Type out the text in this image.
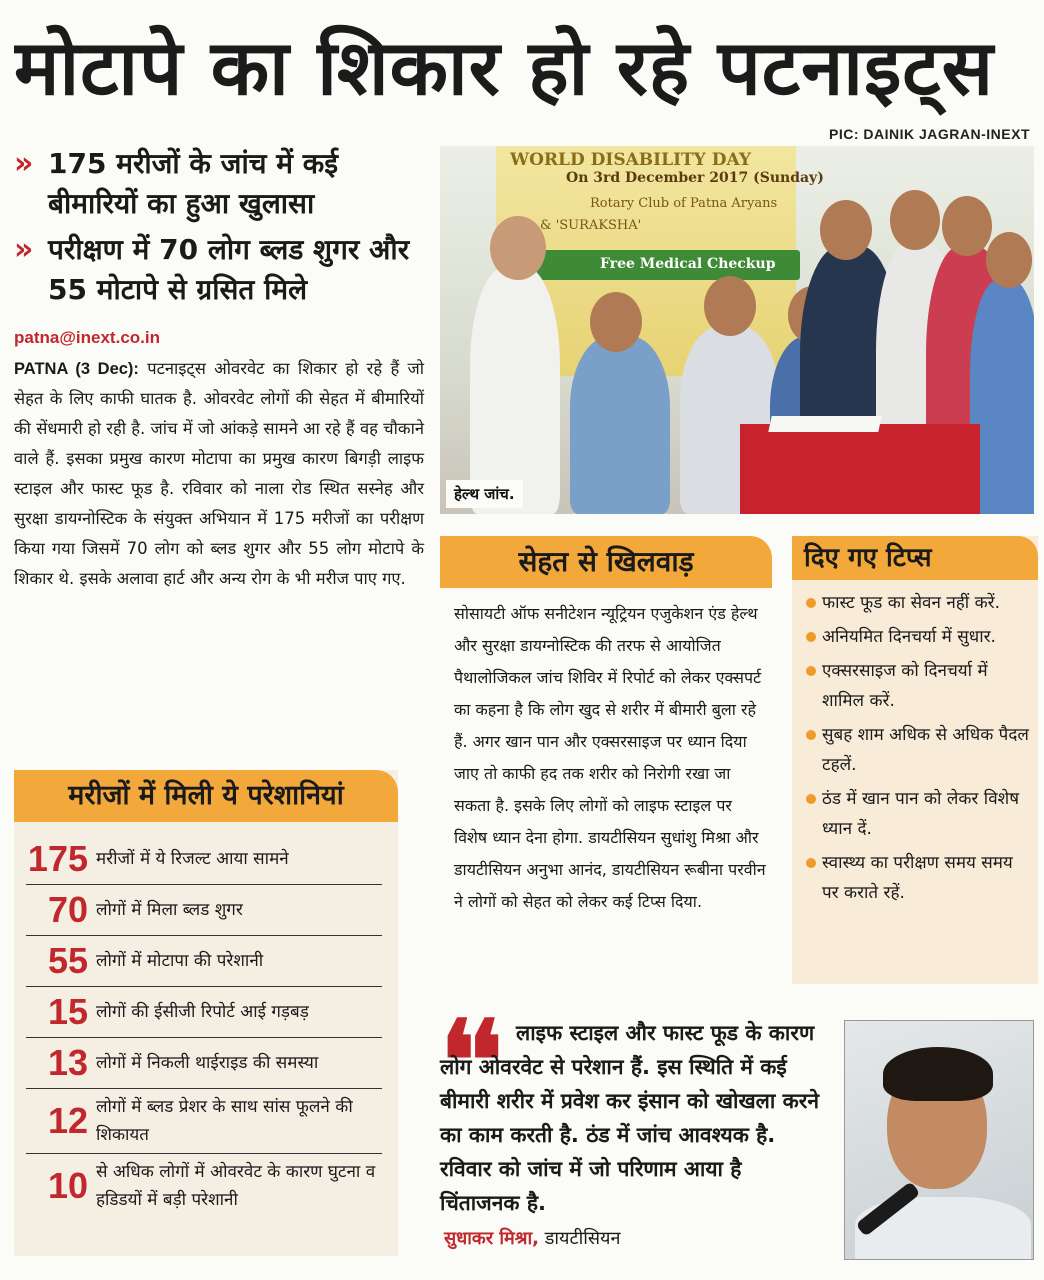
मोटापे का शिकार हो रहे पटनाइट्स
PIC: DAINIK JAGRAN-INEXT
» 175 मरीजों के जांच में कई बीमारियों का हुआ खुलासा
» परीक्षण में 70 लोग ब्लड शुगर और 55 मोटापे से ग्रसित मिले
patna@inext.co.in
PATNA (3 Dec): पटनाइट्स ओवरवेट का शिकार हो रहे हैं जो सेहत के लिए काफी घातक है. ओवरवेट लोगों की सेहत में बीमारियों की सेंधमारी हो रही है. जांच में जो आंकड़े सामने आ रहे हैं वह चौकाने वाले हैं. इसका प्रमुख कारण मोटापा का प्रमुख कारण बिगड़ी लाइफ स्टाइल और फास्ट फूड है. रविवार को नाला रोड स्थित सस्नेह और सुरक्षा डायग्नोस्टिक के संयुक्त अभियान में 175 मरीजों का परीक्षण किया गया जिसमें 70 लोग को ब्लड शुगर और 55 लोग मोटापे के शिकार थे. इसके अलावा हार्ट और अन्य रोग के भी मरीज पाए गए.
WORLD DISABILITY DAY
On 3rd December 2017 (Sunday)
Rotary Club of Patna Aryans
& 'SURAKSHA'
Free Medical Checkup
हेल्थ जांच.
सेहत से खिलवाड़
सोसायटी ऑफ सनीटेशन न्यूट्रियन एजुकेशन एंड हेल्थ और सुरक्षा डायग्नोस्टिक की तरफ से आयोजित पैथालोजिकल जांच शिविर में रिपोर्ट को लेकर एक्सपर्ट का कहना है कि लोग खुद से शरीर में बीमारी बुला रहे हैं. अगर खान पान और एक्सरसाइज पर ध्यान दिया जाए तो काफी हद तक शरीर को निरोगी रखा जा सकता है. इसके लिए लोगों को लाइफ स्टाइल पर विशेष ध्यान देना होगा. डायटीसियन सुधांशु मिश्रा और डायटीसियन अनुभा आनंद, डायटीसियन रूबीना परवीन ने लोगों को सेहत को लेकर कई टिप्स दिया.
दिए गए टिप्स
फास्ट फूड का सेवन नहीं करें.
अनियमित दिनचर्या में सुधार.
एक्सरसाइज को दिनचर्या में शामिल करें.
सुबह शाम अधिक से अधिक पैदल टहलें.
ठंड में खान पान को लेकर विशेष ध्यान दें.
स्वास्थ्य का परीक्षण समय समय पर कराते रहें.
मरीजों में मिली ये परेशानियां
175 मरीजों में ये रिजल्ट आया सामने
70 लोगों में मिला ब्लड शुगर
55 लोगों में मोटापा की परेशानी
15 लोगों की ईसीजी रिपोर्ट आई गड़बड़
13 लोगों में निकली थाईराइड की समस्या
12 लोगों में ब्लड प्रेशर के साथ सांस फूलने की शिकायत
10 से अधिक लोगों में ओवरवेट के कारण घुटना व हडिडयों में बड़ी परेशानी
❛❛	लाइफ स्टाइल और फास्ट फूड के कारण लोग ओवरवेट से परेशान हैं. इस स्थिति में कई बीमारी शरीर में प्रवेश कर इंसान को खोखला करने का काम करती है. ठंड में जांच आवश्यक है. रविवार को जांच में जो परिणाम आया है चिंताजनक है.
सुधाकर मिश्रा, डायटीसियन
